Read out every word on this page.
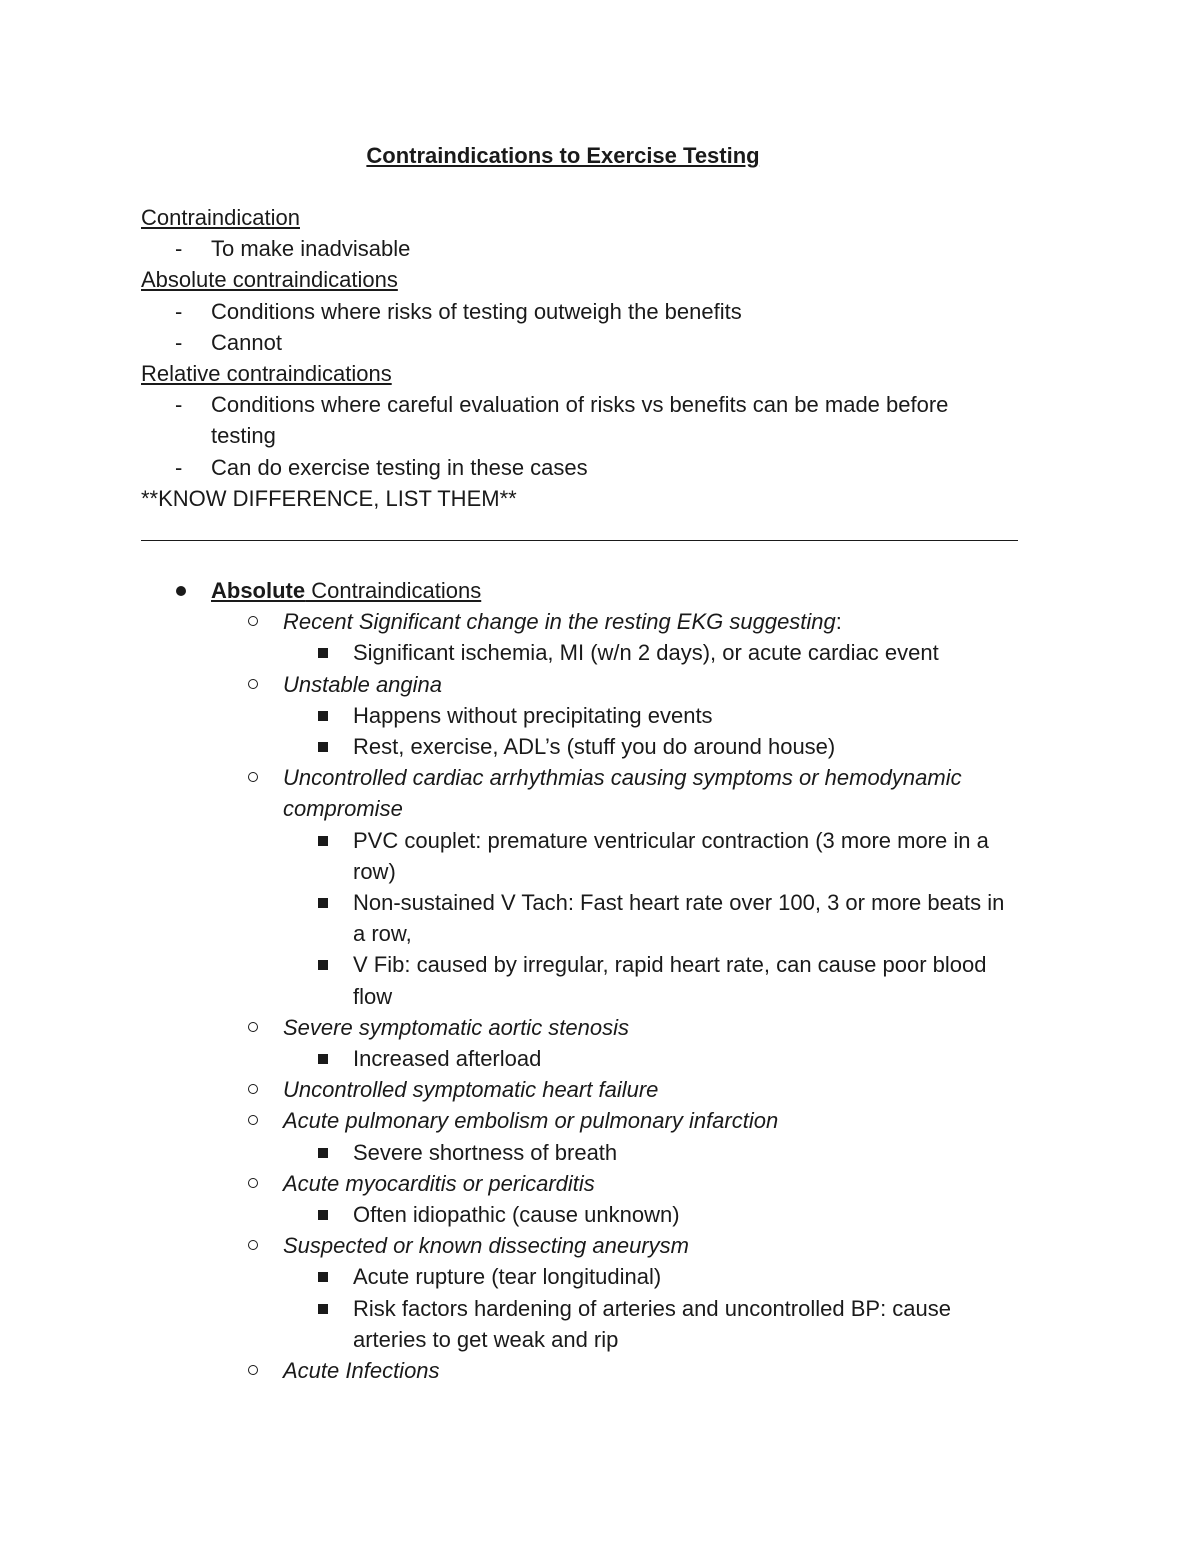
Contraindications to Exercise Testing
Contraindication
- To make inadvisable
Absolute contraindications
- Conditions where risks of testing outweigh the benefits
- Cannot
Relative contraindications
- Conditions where careful evaluation of risks vs benefits can be made before
testing
- Can do exercise testing in these cases
**KNOW DIFFERENCE, LIST THEM**
Absolute Contraindications
Recent Significant change in the resting EKG suggesting:
Significant ischemia, MI (w/n 2 days), or acute cardiac event
Unstable angina
Happens without precipitating events
Rest, exercise, ADL’s (stuff you do around house)
Uncontrolled cardiac arrhythmias causing symptoms or hemodynamic
compromise
PVC couplet: premature ventricular contraction (3 more more in a
row)
Non-sustained V Tach: Fast heart rate over 100, 3 or more beats in
a row,
V Fib: caused by irregular, rapid heart rate, can cause poor blood
flow
Severe symptomatic aortic stenosis
Increased afterload
Uncontrolled symptomatic heart failure
Acute pulmonary embolism or pulmonary infarction
Severe shortness of breath
Acute myocarditis or pericarditis
Often idiopathic (cause unknown)
Suspected or known dissecting aneurysm
Acute rupture (tear longitudinal)
Risk factors hardening of arteries and uncontrolled BP: cause
arteries to get weak and rip
Acute Infections
